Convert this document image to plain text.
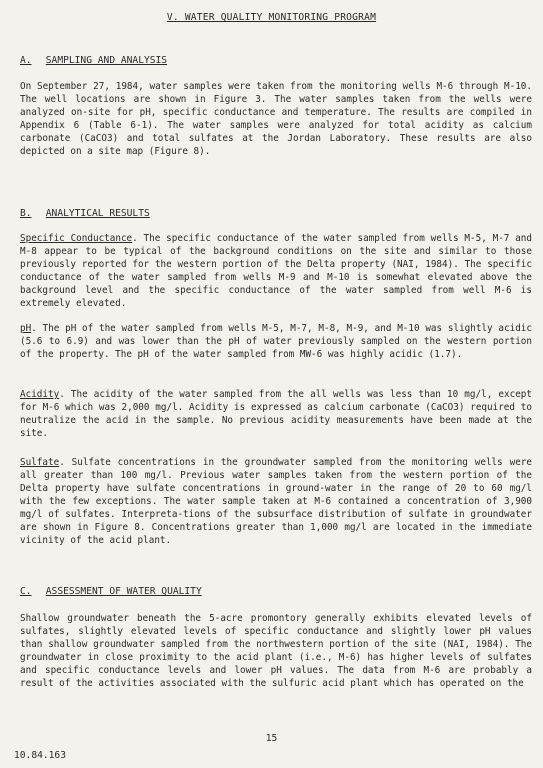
V. WATER QUALITY MONITORING PROGRAM
A. SAMPLING AND ANALYSIS

On September 27, 1984, water samples were taken from the monitoring wells M-6 through M-10. The well locations are shown in Figure 3. The water samples taken from the wells were analyzed on-site for pH, specific conductance and temperature. The results are compiled in Appendix 6 (Table 6-1). The water samples were analyzed for total acidity as calcium carbonate (CaCO3) and total sulfates at the Jordan Laboratory. These results are also depicted on a site map (Figure 8).

B. ANALYTICAL RESULTS

Specific Conductance. The specific conductance of the water sampled from wells M-5, M-7 and M-8 appear to be typical of the background conditions on the site and similar to those previously reported for the western portion of the Delta property (NAI, 1984). The specific conductance of the water sampled from wells M-9 and M-10 is somewhat elevated above the background level and the specific conductance of the water sampled from well M-6 is extremely elevated.

pH. The pH of the water sampled from wells M-5, M-7, M-8, M-9, and M-10 was slightly acidic (5.6 to 6.9) and was lower than the pH of water previously sampled on the western portion of the property. The pH of the water sampled from MW-6 was highly acidic (1.7).

Acidity. The acidity of the water sampled from the all wells was less than 10 mg/l, except for M-6 which was 2,000 mg/l. Acidity is expressed as calcium carbonate (CaCO3) required to neutralize the acid in the sample. No previous acidity measurements have been made at the site.

Sulfate. Sulfate concentrations in the groundwater sampled from the monitoring wells were all greater than 100 mg/l. Previous water samples taken from the western portion of the Delta property have sulfate concentrations in ground-water in the range of 20 to 60 mg/l with the few exceptions. The water sample taken at M-6 contained a concentration of 3,900 mg/l of sulfates. Interpreta-tions of the subsurface distribution of sulfate in groundwater are shown in Figure 8. Concentrations greater than 1,000 mg/l are located in the immediate vicinity of the acid plant.

C. ASSESSMENT OF WATER QUALITY

Shallow groundwater beneath the 5-acre promontory generally exhibits elevated levels of sulfates, slightly elevated levels of specific conductance and slightly lower pH values than shallow groundwater sampled from the northwestern portion of the site (NAI, 1984). The groundwater in close proximity to the acid plant (i.e., M-6) has higher levels of sulfates and specific conductance levels and lower pH values. The data from M-6 are probably a result of the activities associated with the sulfuric acid plant which has operated on the

15
10.84.163
